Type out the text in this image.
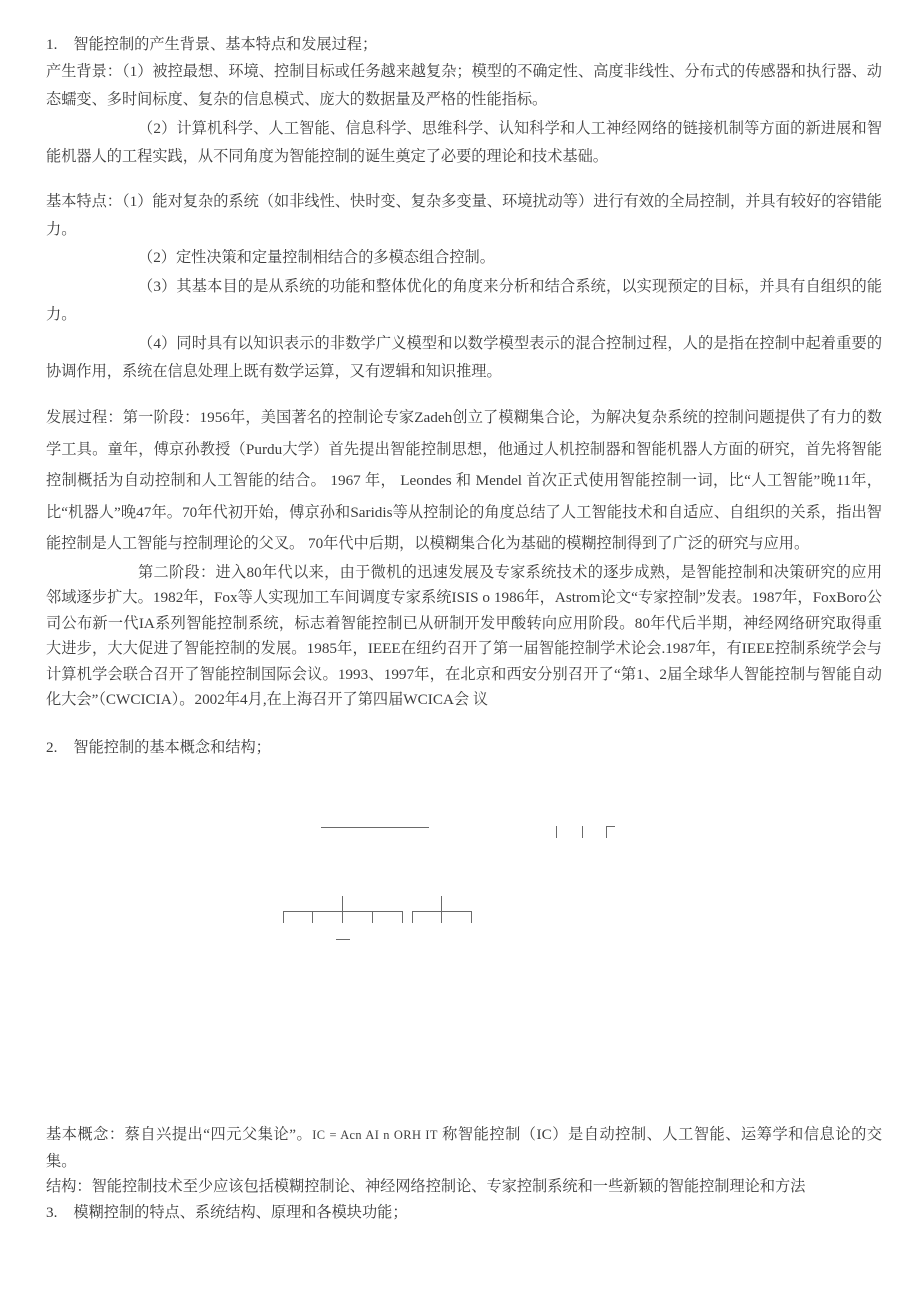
1. 智能控制的产生背景、基本特点和发展过程；

产生背景：（1）被控最想、环境、控制目标或任务越来越复杂；模型的不确定性、高度非线性、分布式的传感器和执行器、动态蠕变、多时间标度、复杂的信息模式、庞大的数据量及严格的性能指标。

（2）计算机科学、人工智能、信息科学、思维科学、认知科学和人工神经网络的链接机制等方面的新进展和智能机器人的工程实践，从不同角度为智能控制的诞生奠定了必要的理论和技术基础。

基本特点：（1）能对复杂的系统（如非线性、快时变、复杂多变量、环境扰动等）进行有效的全局控制，并具有较好的容错能力。

（2）定性决策和定量控制相结合的多模态组合控制。

（3）其基本目的是从系统的功能和整体优化的角度来分析和结合系统，以实现预定的目标，并具有自组织的能力。

（4）同时具有以知识表示的非数学广义模型和以数学模型表示的混合控制过程，人的是指在控制中起着重要的协调作用，系统在信息处理上既有数学运算，又有逻辑和知识推理。

发展过程：第一阶段：1956年，美国著名的控制论专家Zadeh创立了模糊集合论，为解决复杂系统的控制问题提供了有力的数学工具。童年，傅京孙教授（Purdu大学）首先提出智能控制思想，他通过人机控制器和智能机器人方面的研究，首先将智能控制概括为自动控制和人工智能的结合。 1967 年， Leondes 和 Mendel 首次正式使用智能控制一词，比“人工智能”晚11年，比“机器人”晚47年。70年代初开始，傅京孙和Saridis等从控制论的角度总结了人工智能技术和自适应、自组织的关系，指出智能控制是人工智能与控制理论的父叉。 70年代中后期，以模糊集合化为基础的模糊控制得到了广泛的研究与应用。

第二阶段：进入80年代以来，由于微机的迅速发展及专家系统技术的逐步成熟，是智能控制和决策研究的应用邻域逐步扩大。1982年，Fox等人实现加工车间调度专家系统ISIS o 1986年，Astrom论文“专家控制”发表。1987年，FoxBoro公司公布新一代IA系列智能控制系统，标志着智能控制已从研制开发甲酸转向应用阶段。80年代后半期，神经网络研究取得重大进步，大大促进了智能控制的发展。1985年，IEEE在纽约召开了第一届智能控制学术论会.1987年，有IEEE控制系统学会与计算机学会联合召开了智能控制国际会议。1993、1997年，在北京和西安分别召开了“第1、2届全球华人智能控制与智能自动化大会”（CWCICIA）。2002年4月,在上海召开了第四届WCICA会 议

2. 智能控制的基本概念和结构；

基本概念：蔡自兴提出“四元父集论”。IC = Acn AI n ORH IT 称智能控制（IC）是自动控制、人工智能、运筹学和信息论的交集。

结构：智能控制技术至少应该包括模糊控制论、神经网络控制论、专家控制系统和一些新颖的智能控制理论和方法

3. 模糊控制的特点、系统结构、原理和各模块功能；
